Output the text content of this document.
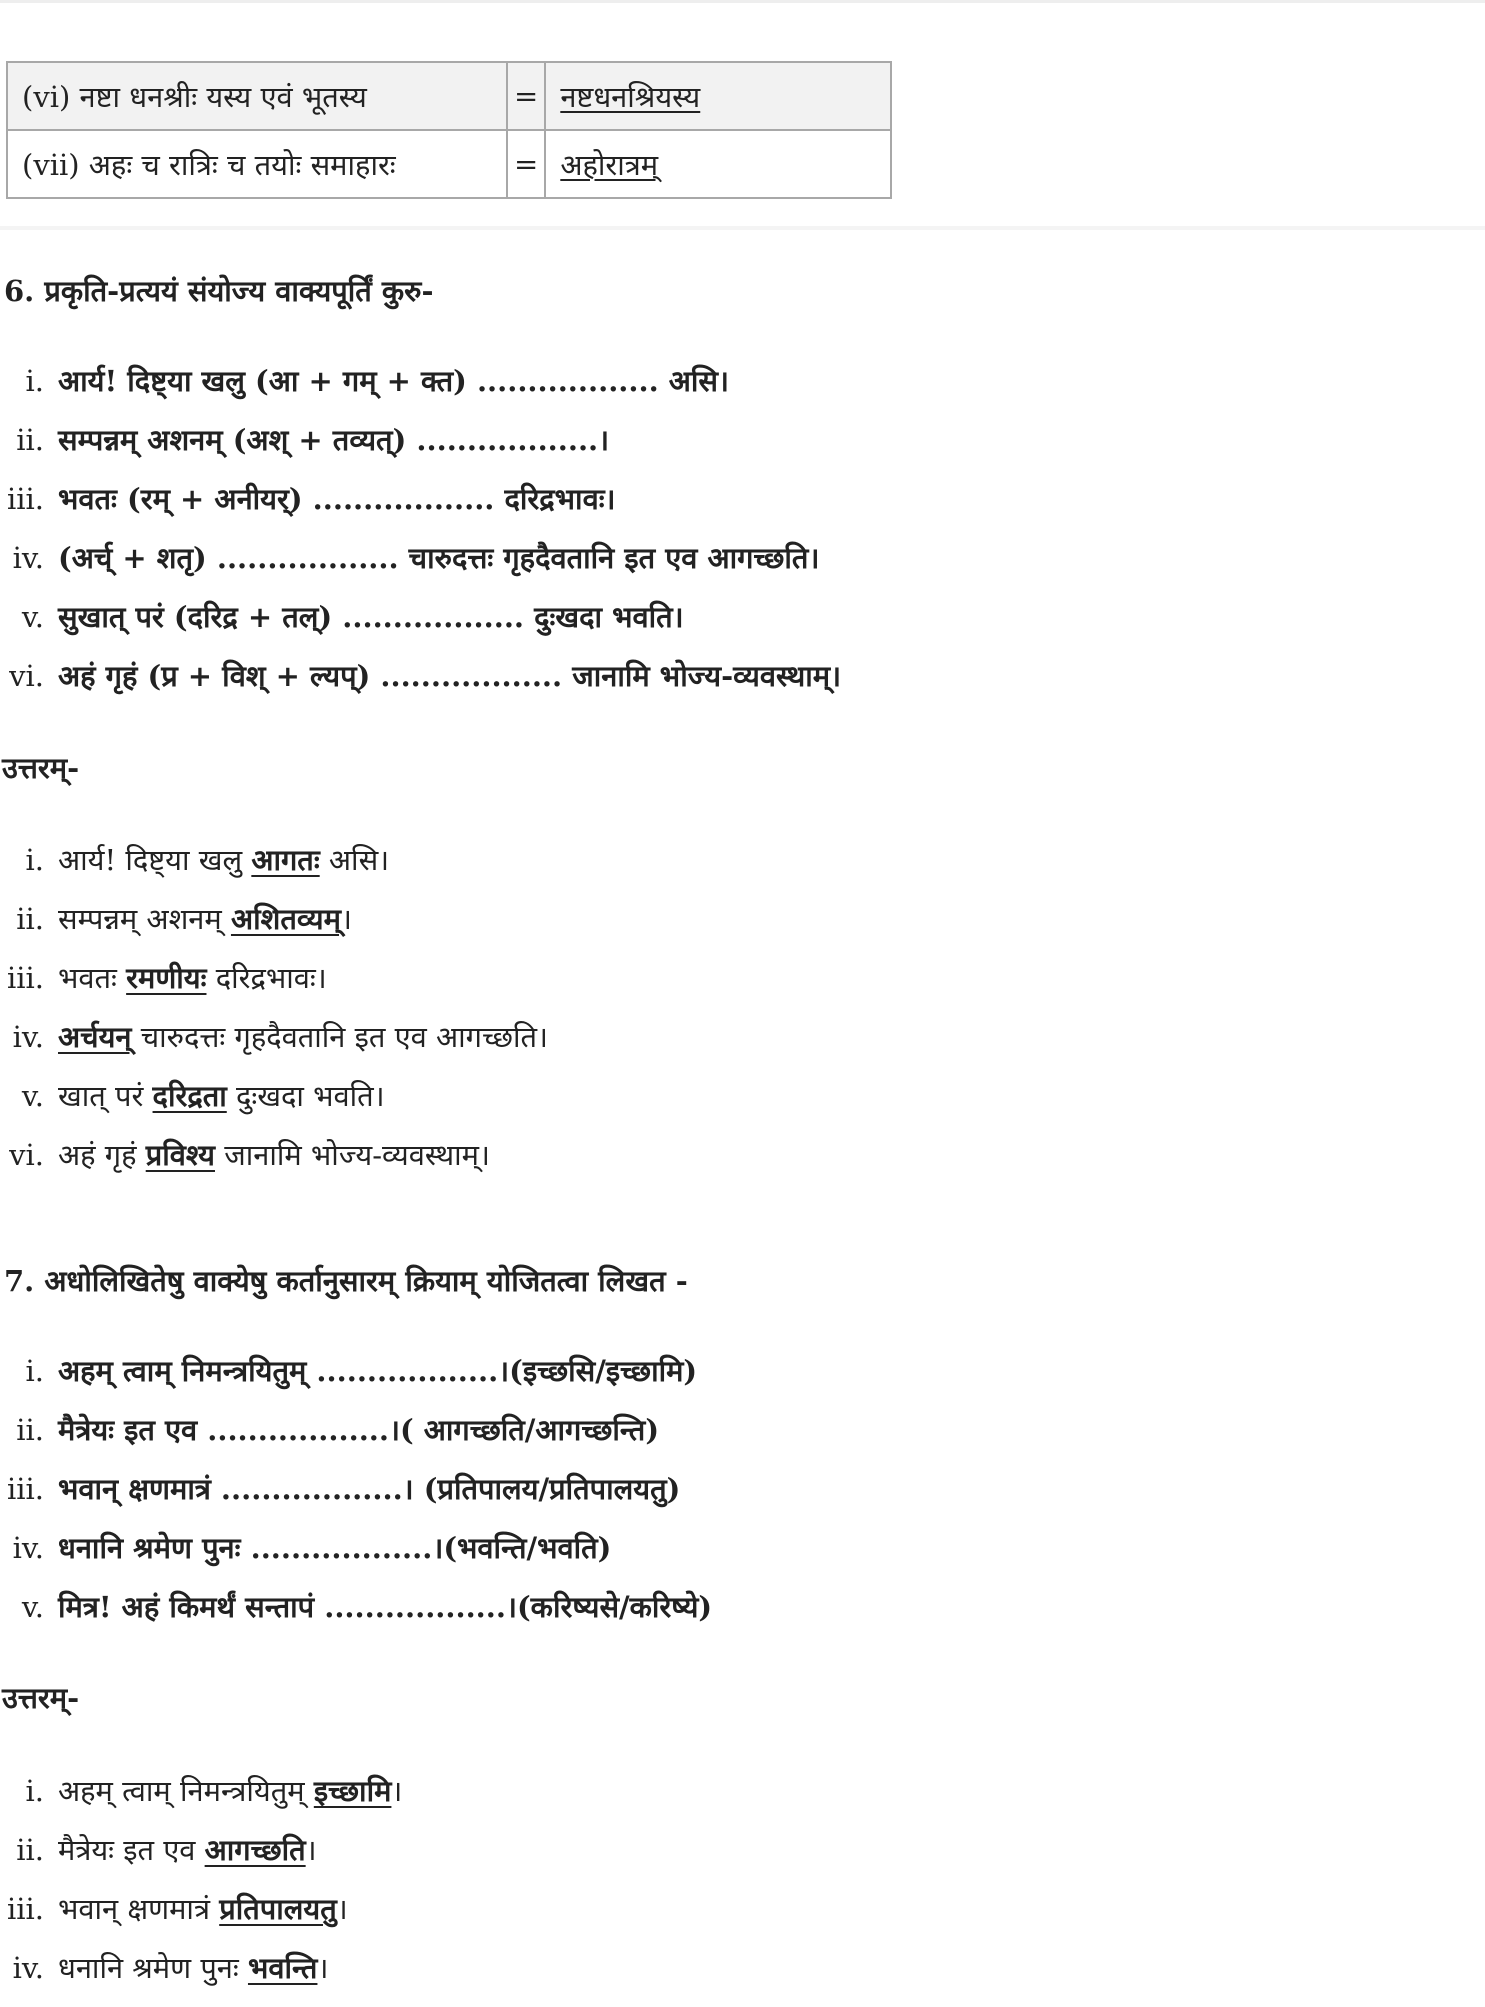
(vi) नष्टा धनश्रीः यस्य एवं भूतस्य	=	नष्टधनश्रियस्य
(vii) अहः च रात्रिः च तयोः समाहारः	=	अहोरात्रम्
6. प्रकृति-प्रत्ययं संयोज्य वाक्यपूर्तिं कुरु-
i. आर्य! दिष्ट्या खलु (आ + गम् + क्त) .................. असि।
ii. सम्पन्नम् अशनम् (अश् + तव्यत्) ..................।
iii. भवतः (रम् + अनीयर्) .................. दरिद्रभावः।
iv. (अर्च् + शतृ) .................. चारुदत्तः गृहदैवतानि इत एव आगच्छति।
v. सुखात् परं (दरिद्र + तल्) .................. दुःखदा भवति।
vi. अहं गृहं (प्र + विश् + ल्यप्) .................. जानामि भोज्य-व्यवस्थाम्।
उत्तरम्-
i. आर्य! दिष्ट्या खलु आगतः असि।
ii. सम्पन्नम् अशनम् अशितव्यम्।
iii. भवतः रमणीयः दरिद्रभावः।
iv. अर्चयन् चारुदत्तः गृहदैवतानि इत एव आगच्छति।
v. खात् परं दरिद्रता दुःखदा भवति।
vi. अहं गृहं प्रविश्य जानामि भोज्य-व्यवस्थाम्।
7. अधोलिखितेषु वाक्येषु कर्तानुसारम् क्रियाम् योजितत्वा लिखत -
i. अहम् त्वाम् निमन्त्रयितुम् ..................।(इच्छसि/इच्छामि)
ii. मैत्रेयः इत एव ..................।( आगच्छति/आगच्छन्ति)
iii. भवान् क्षणमात्रं ..................। (प्रतिपालय/प्रतिपालयतु)
iv. धनानि श्रमेण पुनः ..................।(भवन्ति/भवति)
v. मित्र! अहं किमर्थं सन्तापं ..................।(करिष्यसे/करिष्ये)
उत्तरम्-
i. अहम् त्वाम् निमन्त्रयितुम् इच्छामि।
ii. मैत्रेयः इत एव आगच्छति।
iii. भवान् क्षणमात्रं प्रतिपालयतु।
iv. धनानि श्रमेण पुनः भवन्ति।
